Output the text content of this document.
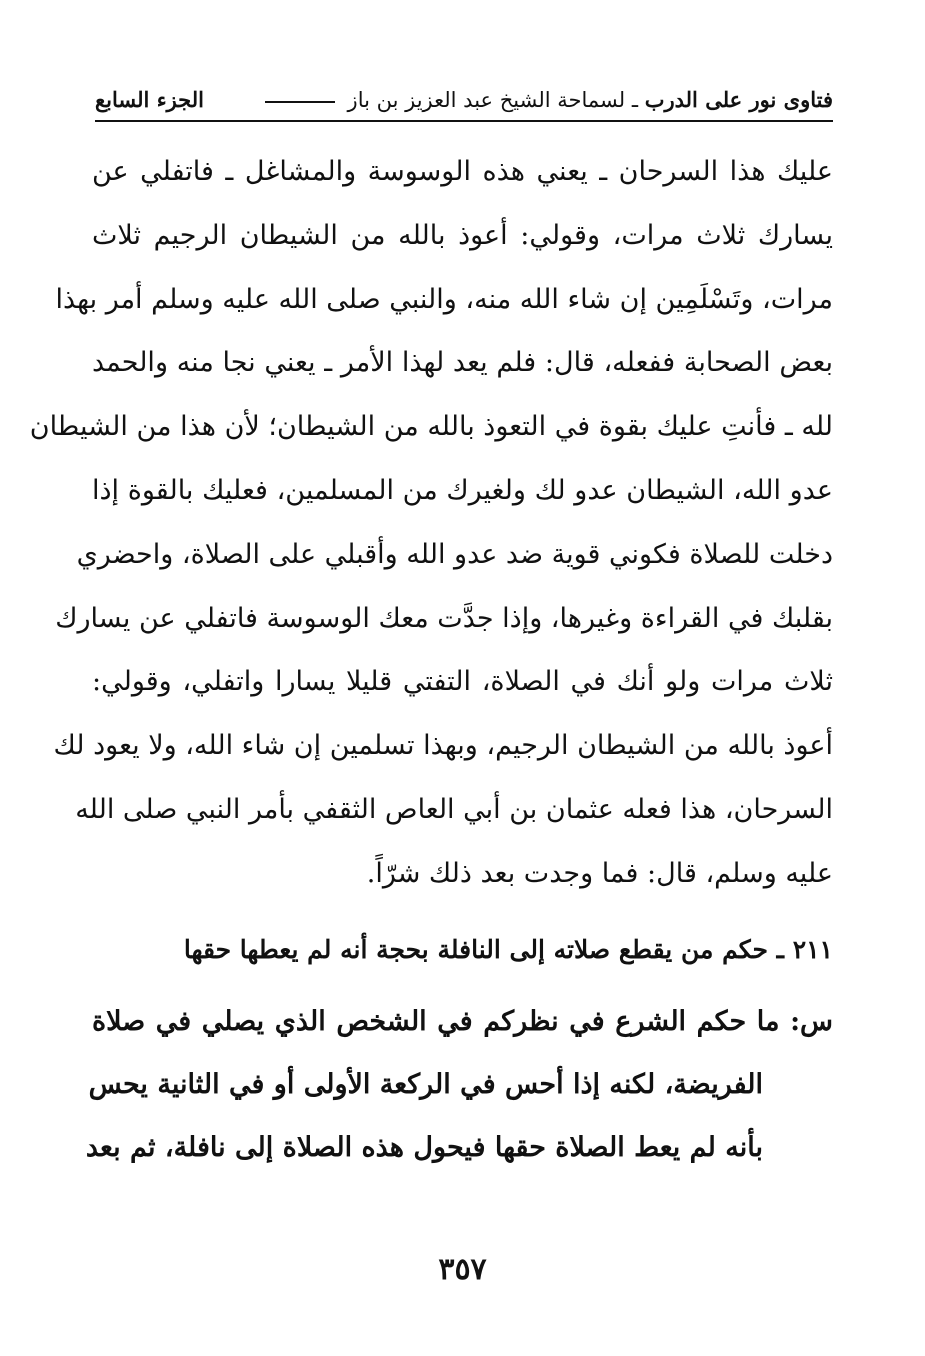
فتاوى نور على الدرب ـ لسماحة الشيخ عبد العزيز بن باز
الجزء السابع
عليك هذا السرحان ـ يعني هذه الوسوسة والمشاغل ـ فاتفلي عن
يسارك ثلاث مرات، وقولي: أعوذ بالله من الشيطان الرجيم ثلاث
مرات، وتَسْلَمِين إن شاء الله منه، والنبي صلى الله عليه وسلم أمر بهذا
بعض الصحابة ففعله، قال: فلم يعد لهذا الأمر ـ يعني نجا منه والحمد
لله ـ فأنتِ عليك بقوة في التعوذ بالله من الشيطان؛ لأن هذا من الشيطان
عدو الله، الشيطان عدو لك ولغيرك من المسلمين، فعليك بالقوة إذا
دخلت للصلاة فكوني قوية ضد عدو الله وأقبلي على الصلاة، واحضري
بقلبك في القراءة وغيرها، وإذا جدَّت معك الوسوسة فاتفلي عن يسارك
ثلاث مرات ولو أنك في الصلاة، التفتي قليلا يسارا واتفلي، وقولي:
أعوذ بالله من الشيطان الرجيم، وبهذا تسلمين إن شاء الله، ولا يعود لك
السرحان، هذا فعله عثمان بن أبي العاص الثقفي بأمر النبي صلى الله
عليه وسلم، قال: فما وجدت بعد ذلك شرّاً.
٢١١ ـ حكم من يقطع صلاته إلى النافلة بحجة أنه لم يعطها حقها
س: ما حكم الشرع في نظركم في الشخص الذي يصلي في صلاة
الفريضة، لكنه إذا أحس في الركعة الأولى أو في الثانية يحس
بأنه لم يعط الصلاة حقها فيحول هذه الصلاة إلى نافلة، ثم بعد
٣٥٧
